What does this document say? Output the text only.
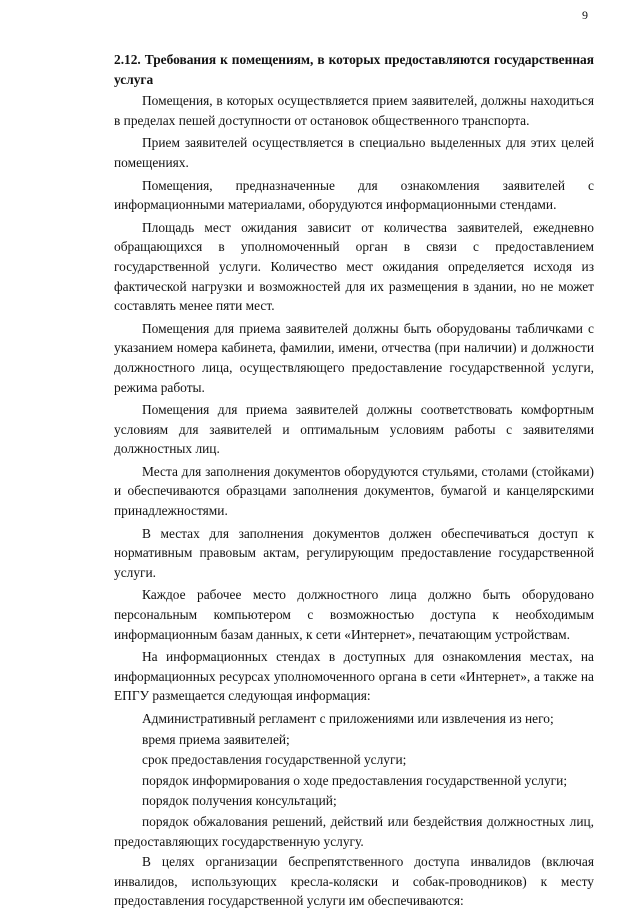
9

2.12. Требования к помещениям, в которых предоставляются государственная услуга

Помещения, в которых осуществляется прием заявителей, должны находиться в пределах пешей доступности от остановок общественного транспорта.

Прием заявителей осуществляется в специально выделенных для этих целей помещениях.

Помещения, предназначенные для ознакомления заявителей с информационными материалами, оборудуются информационными стендами.

Площадь мест ожидания зависит от количества заявителей, ежедневно обращающихся в уполномоченный орган в связи с предоставлением государственной услуги. Количество мест ожидания определяется исходя из фактической нагрузки и возможностей для их размещения в здании, но не может составлять менее пяти мест.

Помещения для приема заявителей должны быть оборудованы табличками с указанием номера кабинета, фамилии, имени, отчества (при наличии) и должности должностного лица, осуществляющего предоставление государственной услуги, режима работы.

Помещения для приема заявителей должны соответствовать комфортным условиям для заявителей и оптимальным условиям работы с заявителями должностных лиц.

Места для заполнения документов оборудуются стульями, столами (стойками) и обеспечиваются образцами заполнения документов, бумагой и канцелярскими принадлежностями.

В местах для заполнения документов должен обеспечиваться доступ к нормативным правовым актам, регулирующим предоставление государственной услуги.

Каждое рабочее место должностного лица должно быть оборудовано персональным компьютером с возможностью доступа к необходимым информационным базам данных, к сети «Интернет», печатающим устройствам.

На информационных стендах в доступных для ознакомления местах, на информационных ресурсах уполномоченного органа в сети «Интернет», а также на ЕПГУ размещается следующая информация:

Административный регламент с приложениями или извлечения из него;

время приема заявителей;

срок предоставления государственной услуги;

порядок информирования о ходе предоставления государственной услуги;

порядок получения консультаций;

порядок обжалования решений, действий или бездействия должностных лиц, предоставляющих государственную услугу.

В целях организации беспрепятственного доступа инвалидов (включая инвалидов, использующих кресла-коляски и собак-проводников) к месту предоставления государственной услуги им обеспечиваются:
